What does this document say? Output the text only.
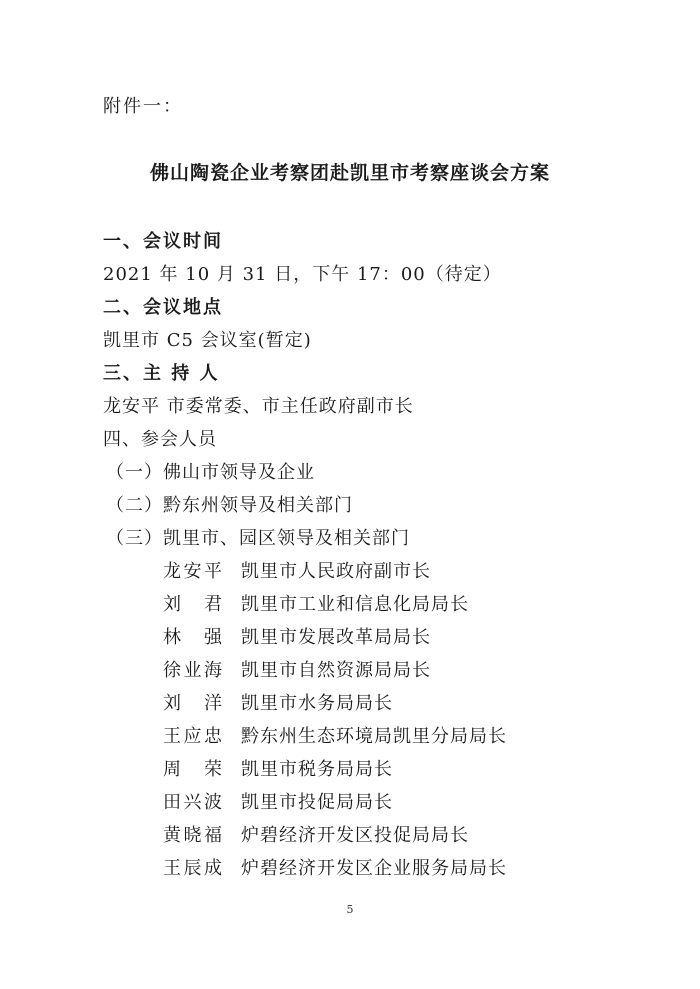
附件一：
佛山陶瓷企业考察团赴凯里市考察座谈会方案
一、会议时间
2021 年 10 月 31 日，下午 17：00（待定）
二、会议地点
凯里市 C5 会议室(暂定)
三、主 持 人
龙安平 市委常委、市主任政府副市长
四、参会人员
（一）佛山市领导及企业
（二）黔东州领导及相关部门
（三）凯里市、园区领导及相关部门
龙安平 凯里市人民政府副市长
刘君 凯里市工业和信息化局局长
林强 凯里市发展改革局局长
徐业海 凯里市自然资源局局长
刘洋 凯里市水务局局长
王应忠 黔东州生态环境局凯里分局局长
周荣 凯里市税务局局长
田兴波 凯里市投促局局长
黄晓福 炉碧经济开发区投促局局长
王辰成 炉碧经济开发区企业服务局局长
5
